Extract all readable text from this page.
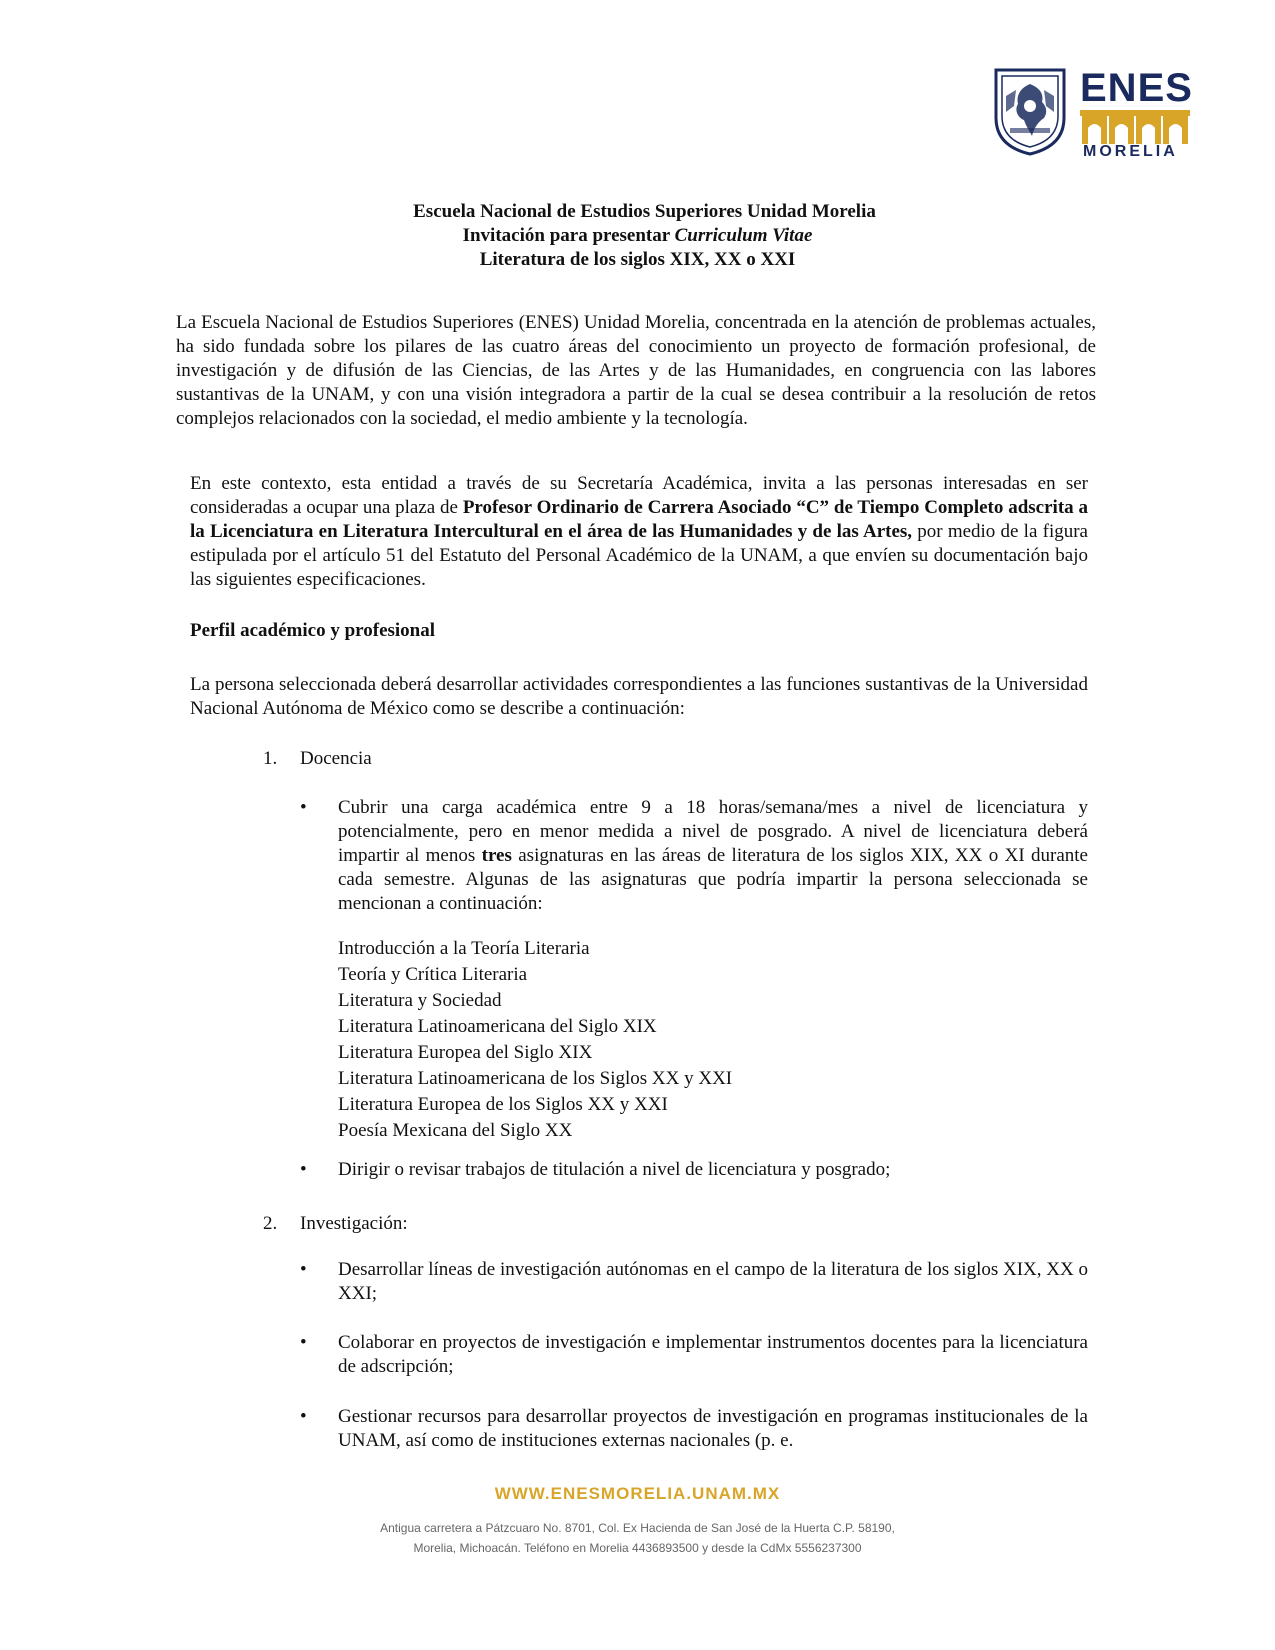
ENES
MORELIA
Escuela Nacional de Estudios Superiores Unidad Morelia
Invitación para presentar Curriculum Vitae
Literatura de los siglos XIX, XX o XXI
La Escuela Nacional de Estudios Superiores (ENES) Unidad Morelia, concentrada en la atención de problemas actuales, ha sido fundada sobre los pilares de las cuatro áreas del conocimiento un proyecto de formación profesional, de investigación y de difusión de las Ciencias, de las Artes y de las Humanidades, en congruencia con las labores sustantivas de la UNAM, y con una visión integradora a partir de la cual se desea contribuir a la resolución de retos complejos relacionados con la sociedad, el medio ambiente y la tecnología.
En este contexto, esta entidad a través de su Secretaría Académica, invita a las personas interesadas en ser consideradas a ocupar una plaza de Profesor Ordinario de Carrera Asociado “C” de Tiempo Completo adscrita a la Licenciatura en Literatura Intercultural en el área de las Humanidades y de las Artes, por medio de la figura estipulada por el artículo 51 del Estatuto del Personal Académico de la UNAM, a que envíen su documentación bajo las siguientes especificaciones.
Perfil académico y profesional
La persona seleccionada deberá desarrollar actividades correspondientes a las funciones sustantivas de la Universidad Nacional Autónoma de México como se describe a continuación:
1. Docencia
• Cubrir una carga académica entre 9 a 18 horas/semana/mes a nivel de licenciatura y potencialmente, pero en menor medida a nivel de posgrado. A nivel de licenciatura deberá impartir al menos tres asignaturas en las áreas de literatura de los siglos XIX, XX o XI durante cada semestre. Algunas de las asignaturas que podría impartir la persona seleccionada se mencionan a continuación:
Introducción a la Teoría Literaria
Teoría y Crítica Literaria
Literatura y Sociedad
Literatura Latinoamericana del Siglo XIX
Literatura Europea del Siglo XIX
Literatura Latinoamericana de los Siglos XX y XXI
Literatura Europea de los Siglos XX y XXI
Poesía Mexicana del Siglo XX
• Dirigir o revisar trabajos de titulación a nivel de licenciatura y posgrado;
2. Investigación:
• Desarrollar líneas de investigación autónomas en el campo de la literatura de los siglos XIX, XX o XXI;
• Colaborar en proyectos de investigación e implementar instrumentos docentes para la licenciatura de adscripción;
• Gestionar recursos para desarrollar proyectos de investigación en programas institucionales de la UNAM, así como de instituciones externas nacionales (p. e.
WWW.ENESMORELIA.UNAM.MX
Antigua carretera a Pátzcuaro No. 8701, Col. Ex Hacienda de San José de la Huerta C.P. 58190,
Morelia, Michoacán. Teléfono en Morelia 4436893500 y desde la CdMx 5556237300
